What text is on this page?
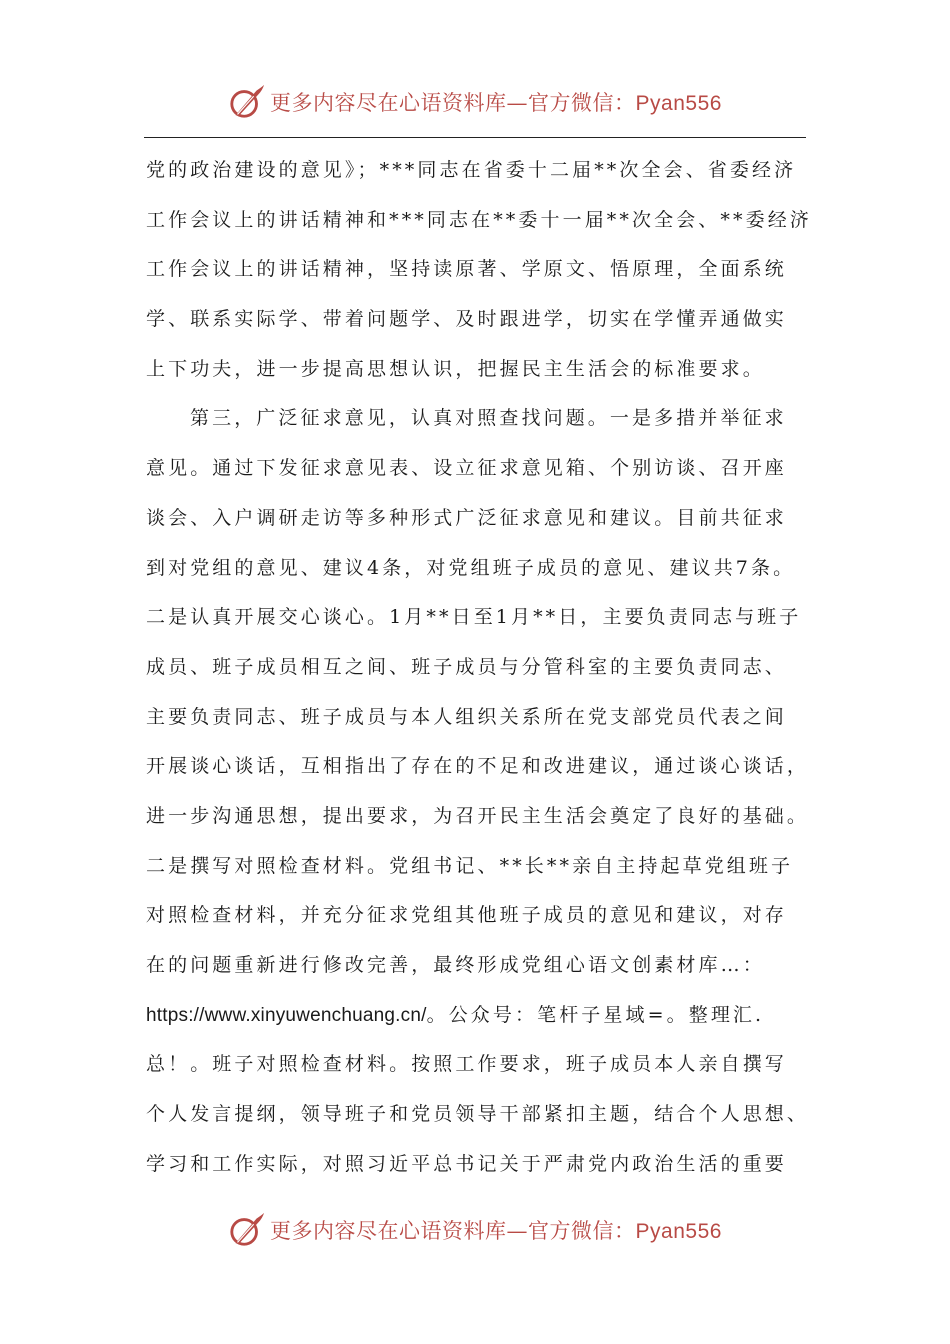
更多内容尽在心语资料库—官方微信：Pyan556
党的政治建设的意见》；***同志在省委十二届**次全会、省委经济
工作会议上的讲话精神和***同志在**委十一届**次全会、**委经济
工作会议上的讲话精神，坚持读原著、学原文、悟原理，全面系统
学、联系实际学、带着问题学、及时跟进学，切实在学懂弄通做实
上下功夫，进一步提高思想认识，把握民主生活会的标准要求。
第三，广泛征求意见，认真对照查找问题。一是多措并举征求
意见。通过下发征求意见表、设立征求意见箱、个别访谈、召开座
谈会、入户调研走访等多种形式广泛征求意见和建议。目前共征求
到对党组的意见、建议4条，对党组班子成员的意见、建议共7条。
二是认真开展交心谈心。1月**日至1月**日，主要负责同志与班子
成员、班子成员相互之间、班子成员与分管科室的主要负责同志、
主要负责同志、班子成员与本人组织关系所在党支部党员代表之间
开展谈心谈话，互相指出了存在的不足和改进建议，通过谈心谈话，
进一步沟通思想，提出要求，为召开民主生活会奠定了良好的基础。
二是撰写对照检查材料。党组书记、**长**亲自主持起草党组班子
对照检查材料，并充分征求党组其他班子成员的意见和建议，对存
在的问题重新进行修改完善，最终形成党组心语文创素材库…：
https://www.xinyuwenchuang.cn/。公众号：笔杆子星域=。整理汇.
总！。班子对照检查材料。按照工作要求，班子成员本人亲自撰写
个人发言提纲，领导班子和党员领导干部紧扣主题，结合个人思想、
学习和工作实际，对照习近平总书记关于严肃党内政治生活的重要
更多内容尽在心语资料库—官方微信：Pyan556
